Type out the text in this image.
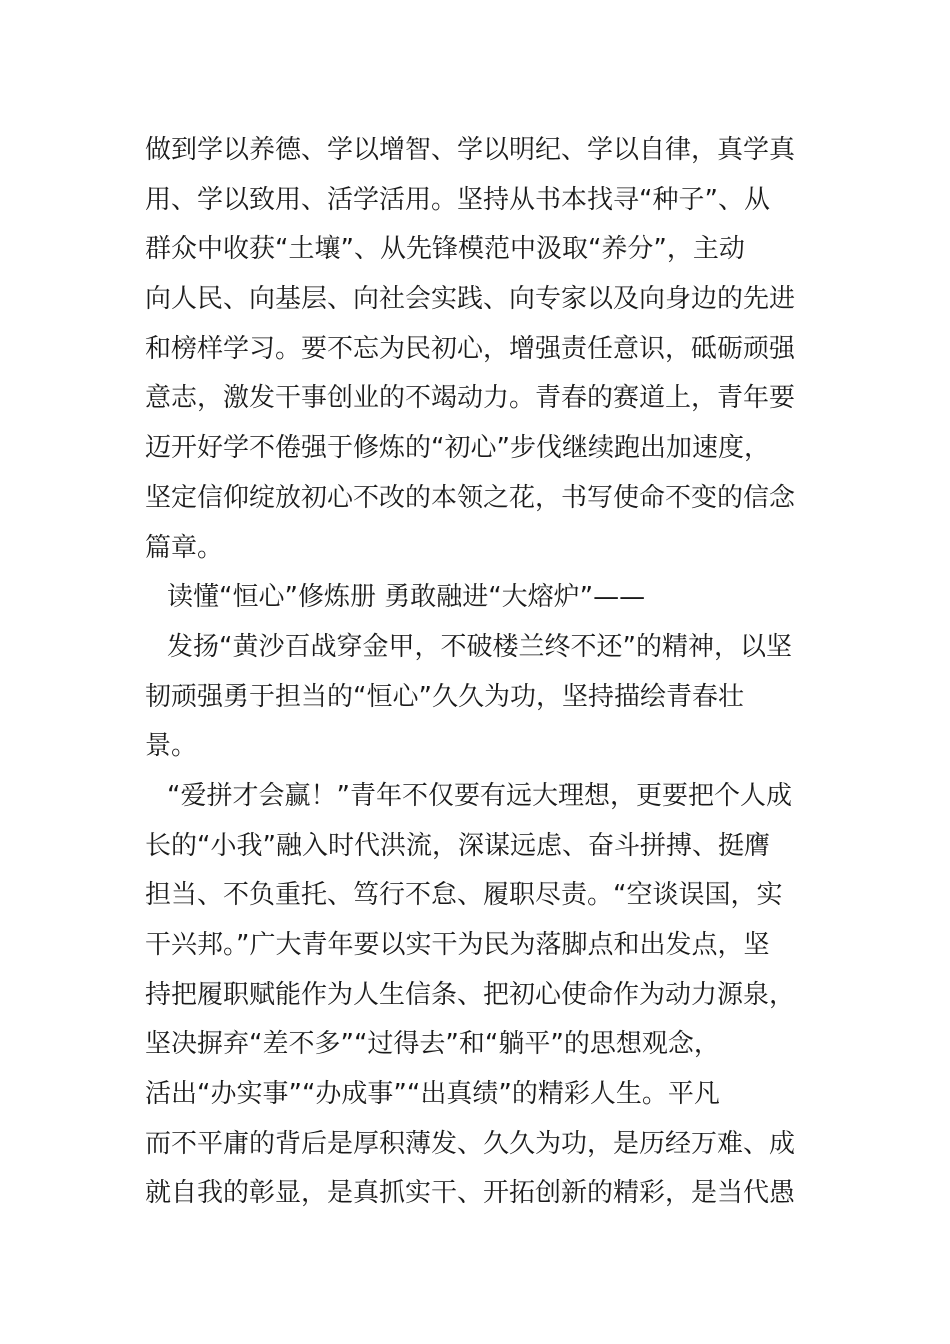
做到学以养德、学以增智、学以明纪、学以自律，真学真
用、学以致用、活学活用。坚持从书本找寻“种子”、从
群众中收获“土壤”、从先锋模范中汲取“养分”，主动
向人民、向基层、向社会实践、向专家以及向身边的先进
和榜样学习。要不忘为民初心，增强责任意识，砥砺顽强
意志，激发干事创业的不竭动力。青春的赛道上，青年要
迈开好学不倦强于修炼的“初心”步伐继续跑出加速度，
坚定信仰绽放初心不改的本领之花，书写使命不变的信念
篇章。
读懂“恒心”修炼册 勇敢融进“大熔炉”——
发扬“黄沙百战穿金甲，不破楼兰终不还”的精神，以坚
韧顽强勇于担当的“恒心”久久为功，坚持描绘青春壮
景。
“爱拼才会赢！”青年不仅要有远大理想，更要把个人成
长的“小我”融入时代洪流，深谋远虑、奋斗拼搏、挺膺
担当、不负重托、笃行不怠、履职尽责。“空谈误国，实
干兴邦。”广大青年要以实干为民为落脚点和出发点，坚
持把履职赋能作为人生信条、把初心使命作为动力源泉，
坚决摒弃“差不多”“过得去”和“躺平”的思想观念，
活出“办实事”“办成事”“出真绩”的精彩人生。平凡
而不平庸的背后是厚积薄发、久久为功，是历经万难、成
就自我的彰显，是真抓实干、开拓创新的精彩，是当代愚
